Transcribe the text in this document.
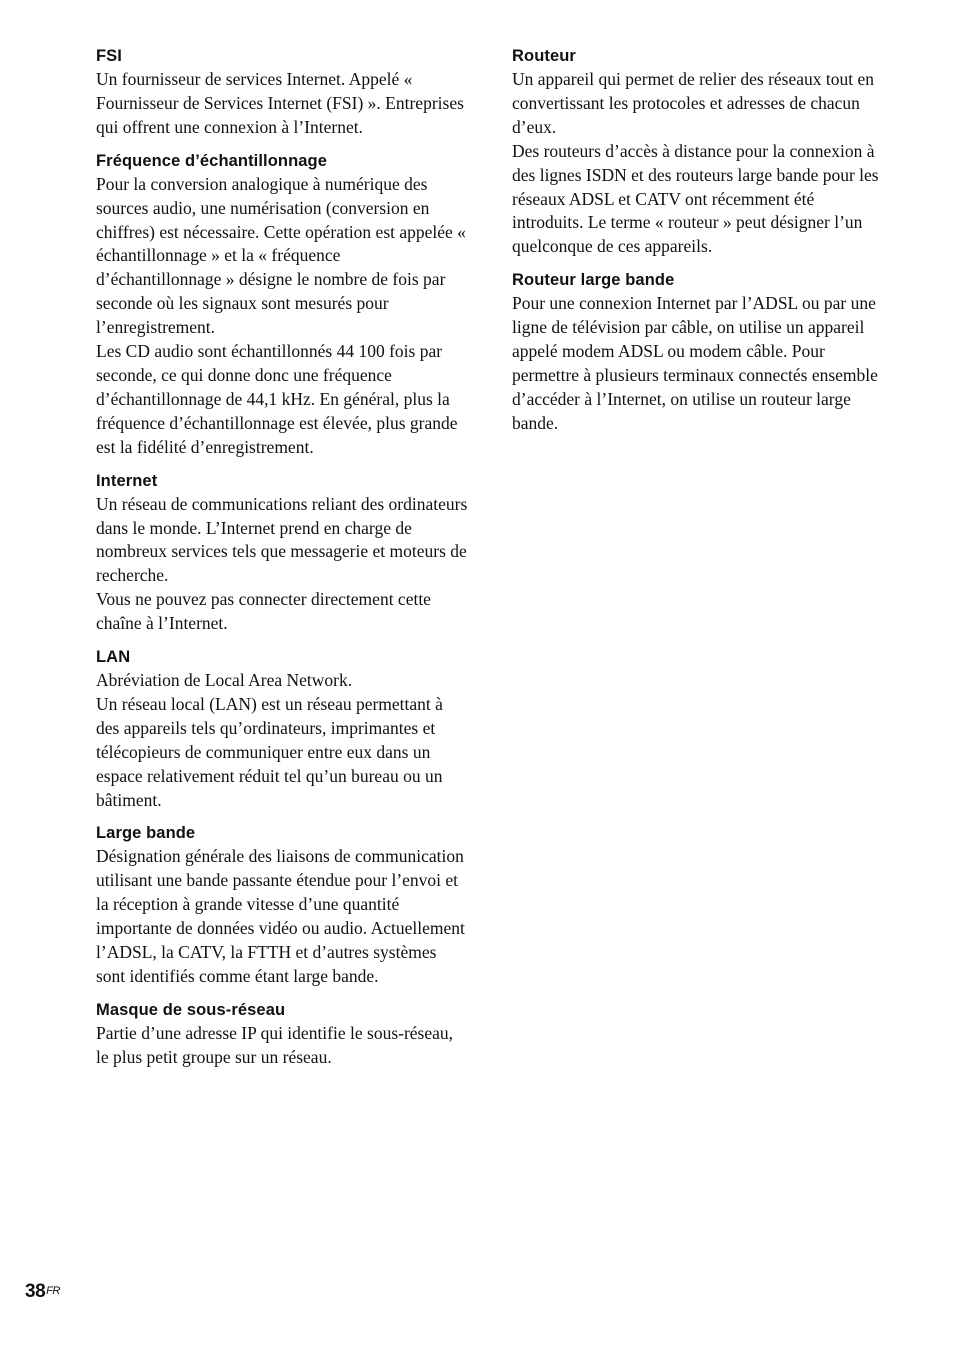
FSI

Un fournisseur de services Internet. Appelé « Fournisseur de Services Internet (FSI) ». Entreprises qui offrent une connexion à l’Internet.

Fréquence d’échantillonnage

Pour la conversion analogique à numérique des sources audio, une numérisation (conversion en chiffres) est nécessaire. Cette opération est appelée « échantillonnage » et la « fréquence d’échantillonnage » désigne le nombre de fois par seconde où les signaux sont mesurés pour l’enregistrement.

Les CD audio sont échantillonnés 44 100 fois par seconde, ce qui donne donc une fréquence d’échantillonnage de 44,1 kHz. En général, plus la fréquence d’échantillonnage est élevée, plus grande est la fidélité d’enregistrement.

Internet

Un réseau de communications reliant des ordinateurs dans le monde. L’Internet prend en charge de nombreux services tels que messagerie et moteurs de recherche.

Vous ne pouvez pas connecter directement cette chaîne à l’Internet.

LAN

Abréviation de Local Area Network.

Un réseau local (LAN) est un réseau permettant à des appareils tels qu’ordinateurs, imprimantes et télécopieurs de communiquer entre eux dans un espace relativement réduit tel qu’un bureau ou un bâtiment.

Large bande

Désignation générale des liaisons de communication utilisant une bande passante étendue pour l’envoi et la réception à grande vitesse d’une quantité importante de données vidéo ou audio. Actuellement l’ADSL, la CATV, la FTTH et d’autres systèmes sont identifiés comme étant large bande.

Masque de sous-réseau

Partie d’une adresse IP qui identifie le sous-réseau, le plus petit groupe sur un réseau.

Routeur

Un appareil qui permet de relier des réseaux tout en convertissant les protocoles et adresses de chacun d’eux.

Des routeurs d’accès à distance pour la connexion à des lignes ISDN et des routeurs large bande pour les réseaux ADSL et CATV ont récemment été introduits. Le terme « routeur » peut désigner l’un quelconque de ces appareils.

Routeur large bande

Pour une connexion Internet par l’ADSL ou par une ligne de télévision par câble, on utilise un appareil appelé modem ADSL ou modem câble. Pour permettre à plusieurs terminaux connectés ensemble d’accéder à l’Internet, on utilise un routeur large bande.

$38^{FR}$
